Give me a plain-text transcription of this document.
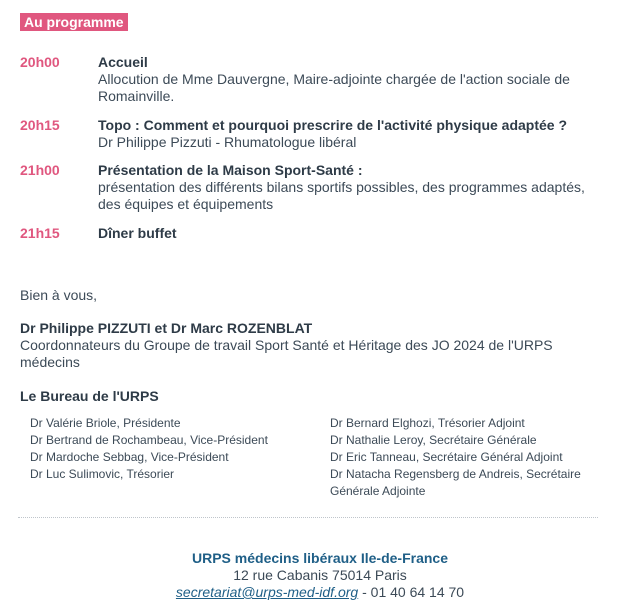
Au programme
20h00	Accueil
Allocution de Mme Dauvergne, Maire-adjointe chargée de l'action sociale de Romainville.
20h15	Topo : Comment et pourquoi prescrire de l'activité physique adaptée ?
Dr Philippe Pizzuti - Rhumatologue libéral
21h00	Présentation de la Maison Sport-Santé :
présentation des différents bilans sportifs possibles, des programmes adaptés, des équipes et équipements
21h15	Dîner buffet
Bien à vous,
Dr Philippe PIZZUTI et Dr Marc ROZENBLAT
Coordonnateurs du Groupe de travail Sport Santé et Héritage des JO 2024 de l'URPS médecins
Le Bureau de l'URPS
Dr Valérie Briole, Présidente
Dr Bertrand de Rochambeau, Vice-Président
Dr Mardoche Sebbag, Vice-Président
Dr Luc Sulimovic, Trésorier
Dr Bernard Elghozi, Trésorier Adjoint
Dr Nathalie Leroy, Secrétaire Générale
Dr Eric Tanneau, Secrétaire Général Adjoint
Dr Natacha Regensberg de Andreis, Secrétaire Générale Adjointe
URPS médecins libéraux Ile-de-France
12 rue Cabanis 75014 Paris
secretariat@urps-med-idf.org - 01 40 64 14 70
